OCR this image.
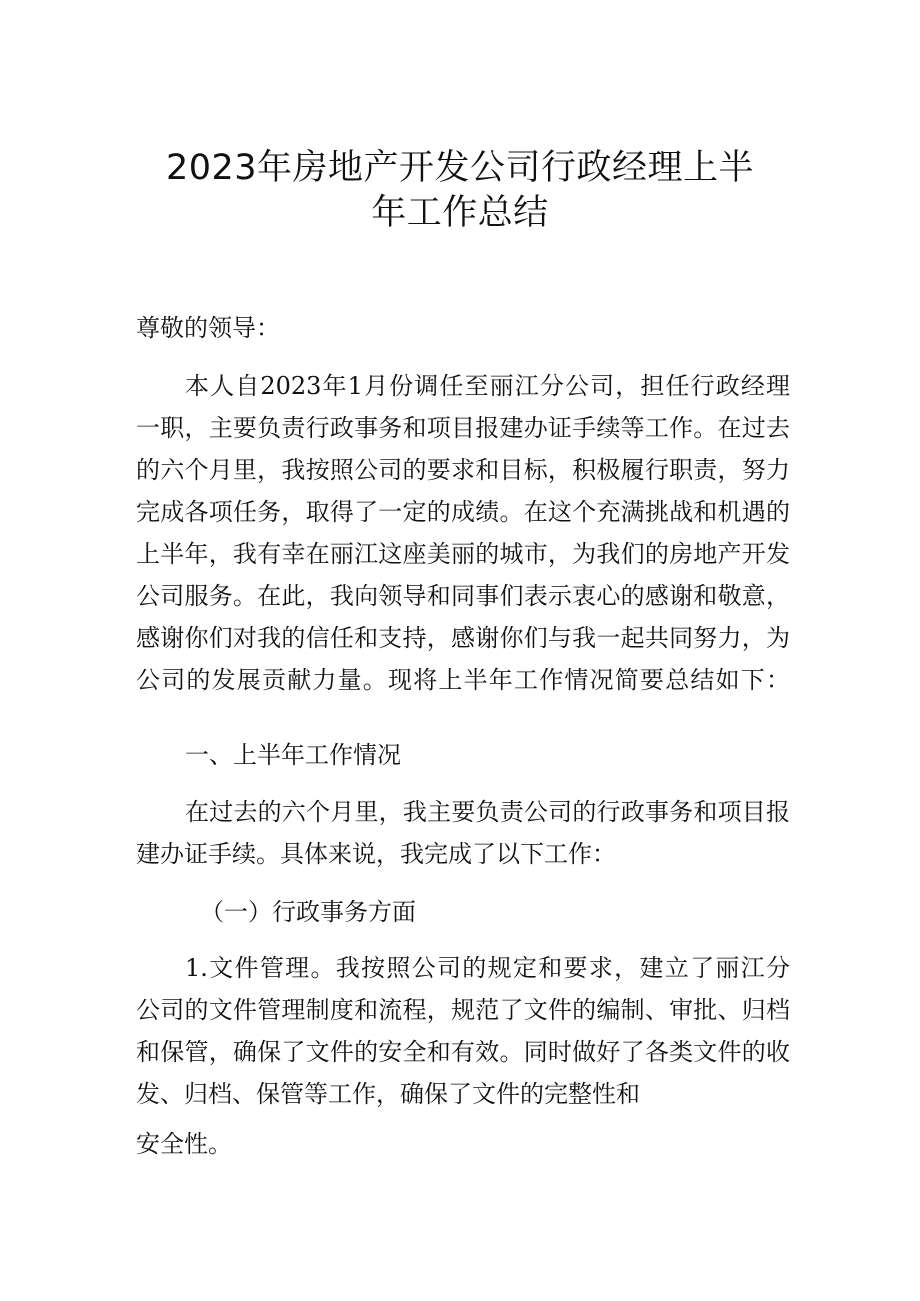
2023年房地产开发公司行政经理上半
年工作总结
尊敬的领导：
本人自2023年1月份调任至丽江分公司，担任行政经理
一职，主要负责行政事务和项目报建办证手续等工作。在过去
的六个月里，我按照公司的要求和目标，积极履行职责，努力
完成各项任务，取得了一定的成绩。在这个充满挑战和机遇的
上半年，我有幸在丽江这座美丽的城市，为我们的房地产开发
公司服务。在此，我向领导和同事们表示衷心的感谢和敬意，
感谢你们对我的信任和支持，感谢你们与我一起共同努力，为
公司的发展贡献力量。现将上半年工作情况简要总结如下：
一、上半年工作情况
在过去的六个月里，我主要负责公司的行政事务和项目报
建办证手续。具体来说，我完成了以下工作：
（一）行政事务方面
1.文件管理。我按照公司的规定和要求，建立了丽江分
公司的文件管理制度和流程，规范了文件的编制、审批、归档
和保管，确保了文件的安全和有效。同时做好了各类文件的收
发、归档、保管等工作，确保了文件的完整性和
安全性。
